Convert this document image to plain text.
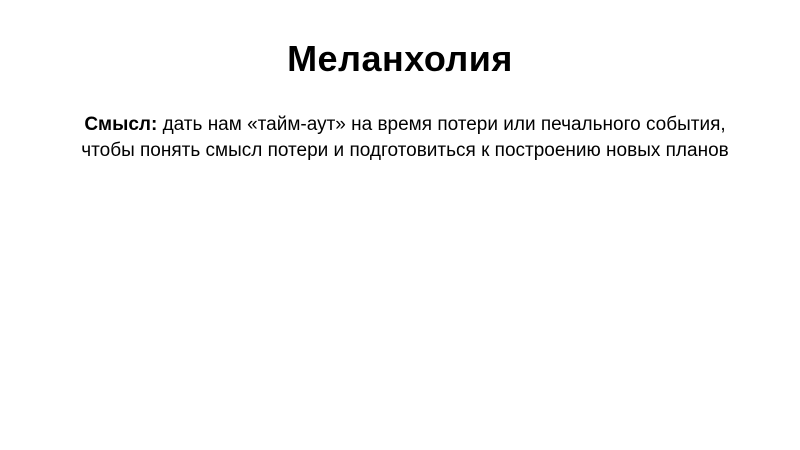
Меланхолия
Смысл: дать нам «тайм-аут» на время потери или печального события, чтобы понять смысл потери и подготовиться к построению новых планов
